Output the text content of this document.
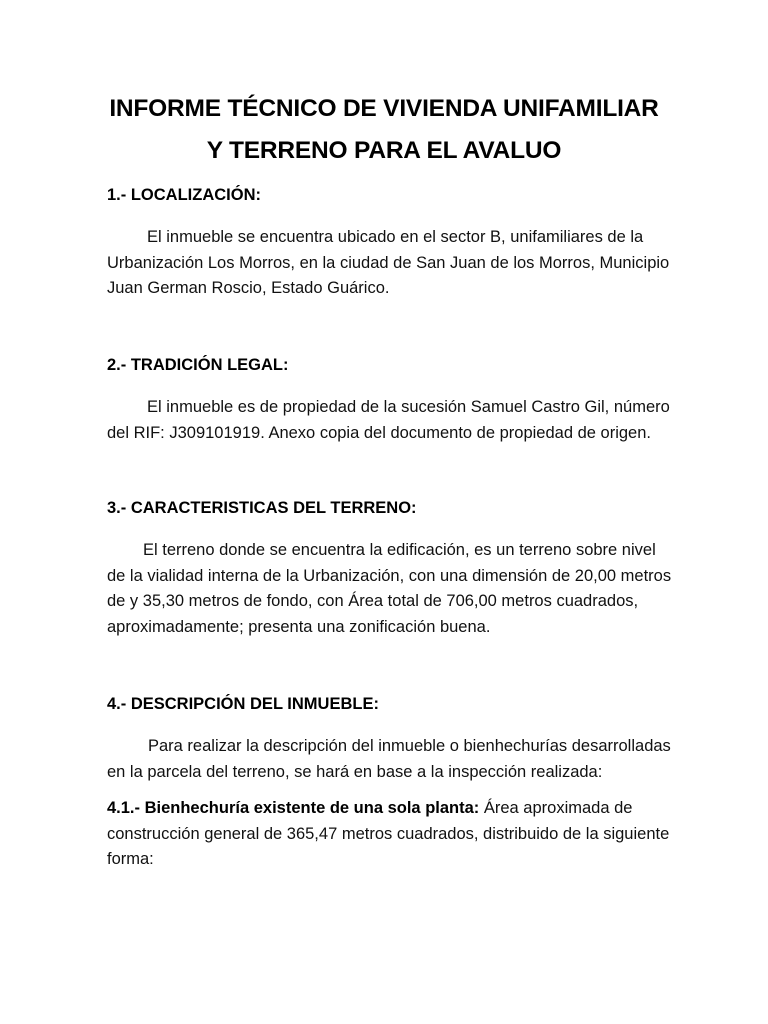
INFORME TÉCNICO DE VIVIENDA UNIFAMILIAR
Y TERRENO PARA EL AVALUO
1.- LOCALIZACIÓN:
El inmueble se encuentra ubicado en el sector B, unifamiliares de la
Urbanización Los Morros, en la ciudad de San Juan de los Morros, Municipio
Juan German Roscio, Estado Guárico.
2.- TRADICIÓN LEGAL:
El inmueble es de propiedad de la sucesión Samuel Castro Gil, número
del RIF: J309101919. Anexo copia del documento de propiedad de origen.
3.- CARACTERISTICAS DEL TERRENO:
El terreno donde se encuentra la edificación, es un terreno sobre nivel
de la vialidad interna de la Urbanización, con una dimensión de 20,00 metros
de y 35,30 metros de fondo, con Área total de 706,00 metros cuadrados,
aproximadamente; presenta una zonificación buena.
4.- DESCRIPCIÓN DEL INMUEBLE:
Para realizar la descripción del inmueble o bienhechurías desarrolladas
en la parcela del terreno, se hará en base a la inspección realizada:
4.1.- Bienhechuría existente de una sola planta: Área aproximada de
construcción general de 365,47 metros cuadrados, distribuido de la siguiente
forma:
